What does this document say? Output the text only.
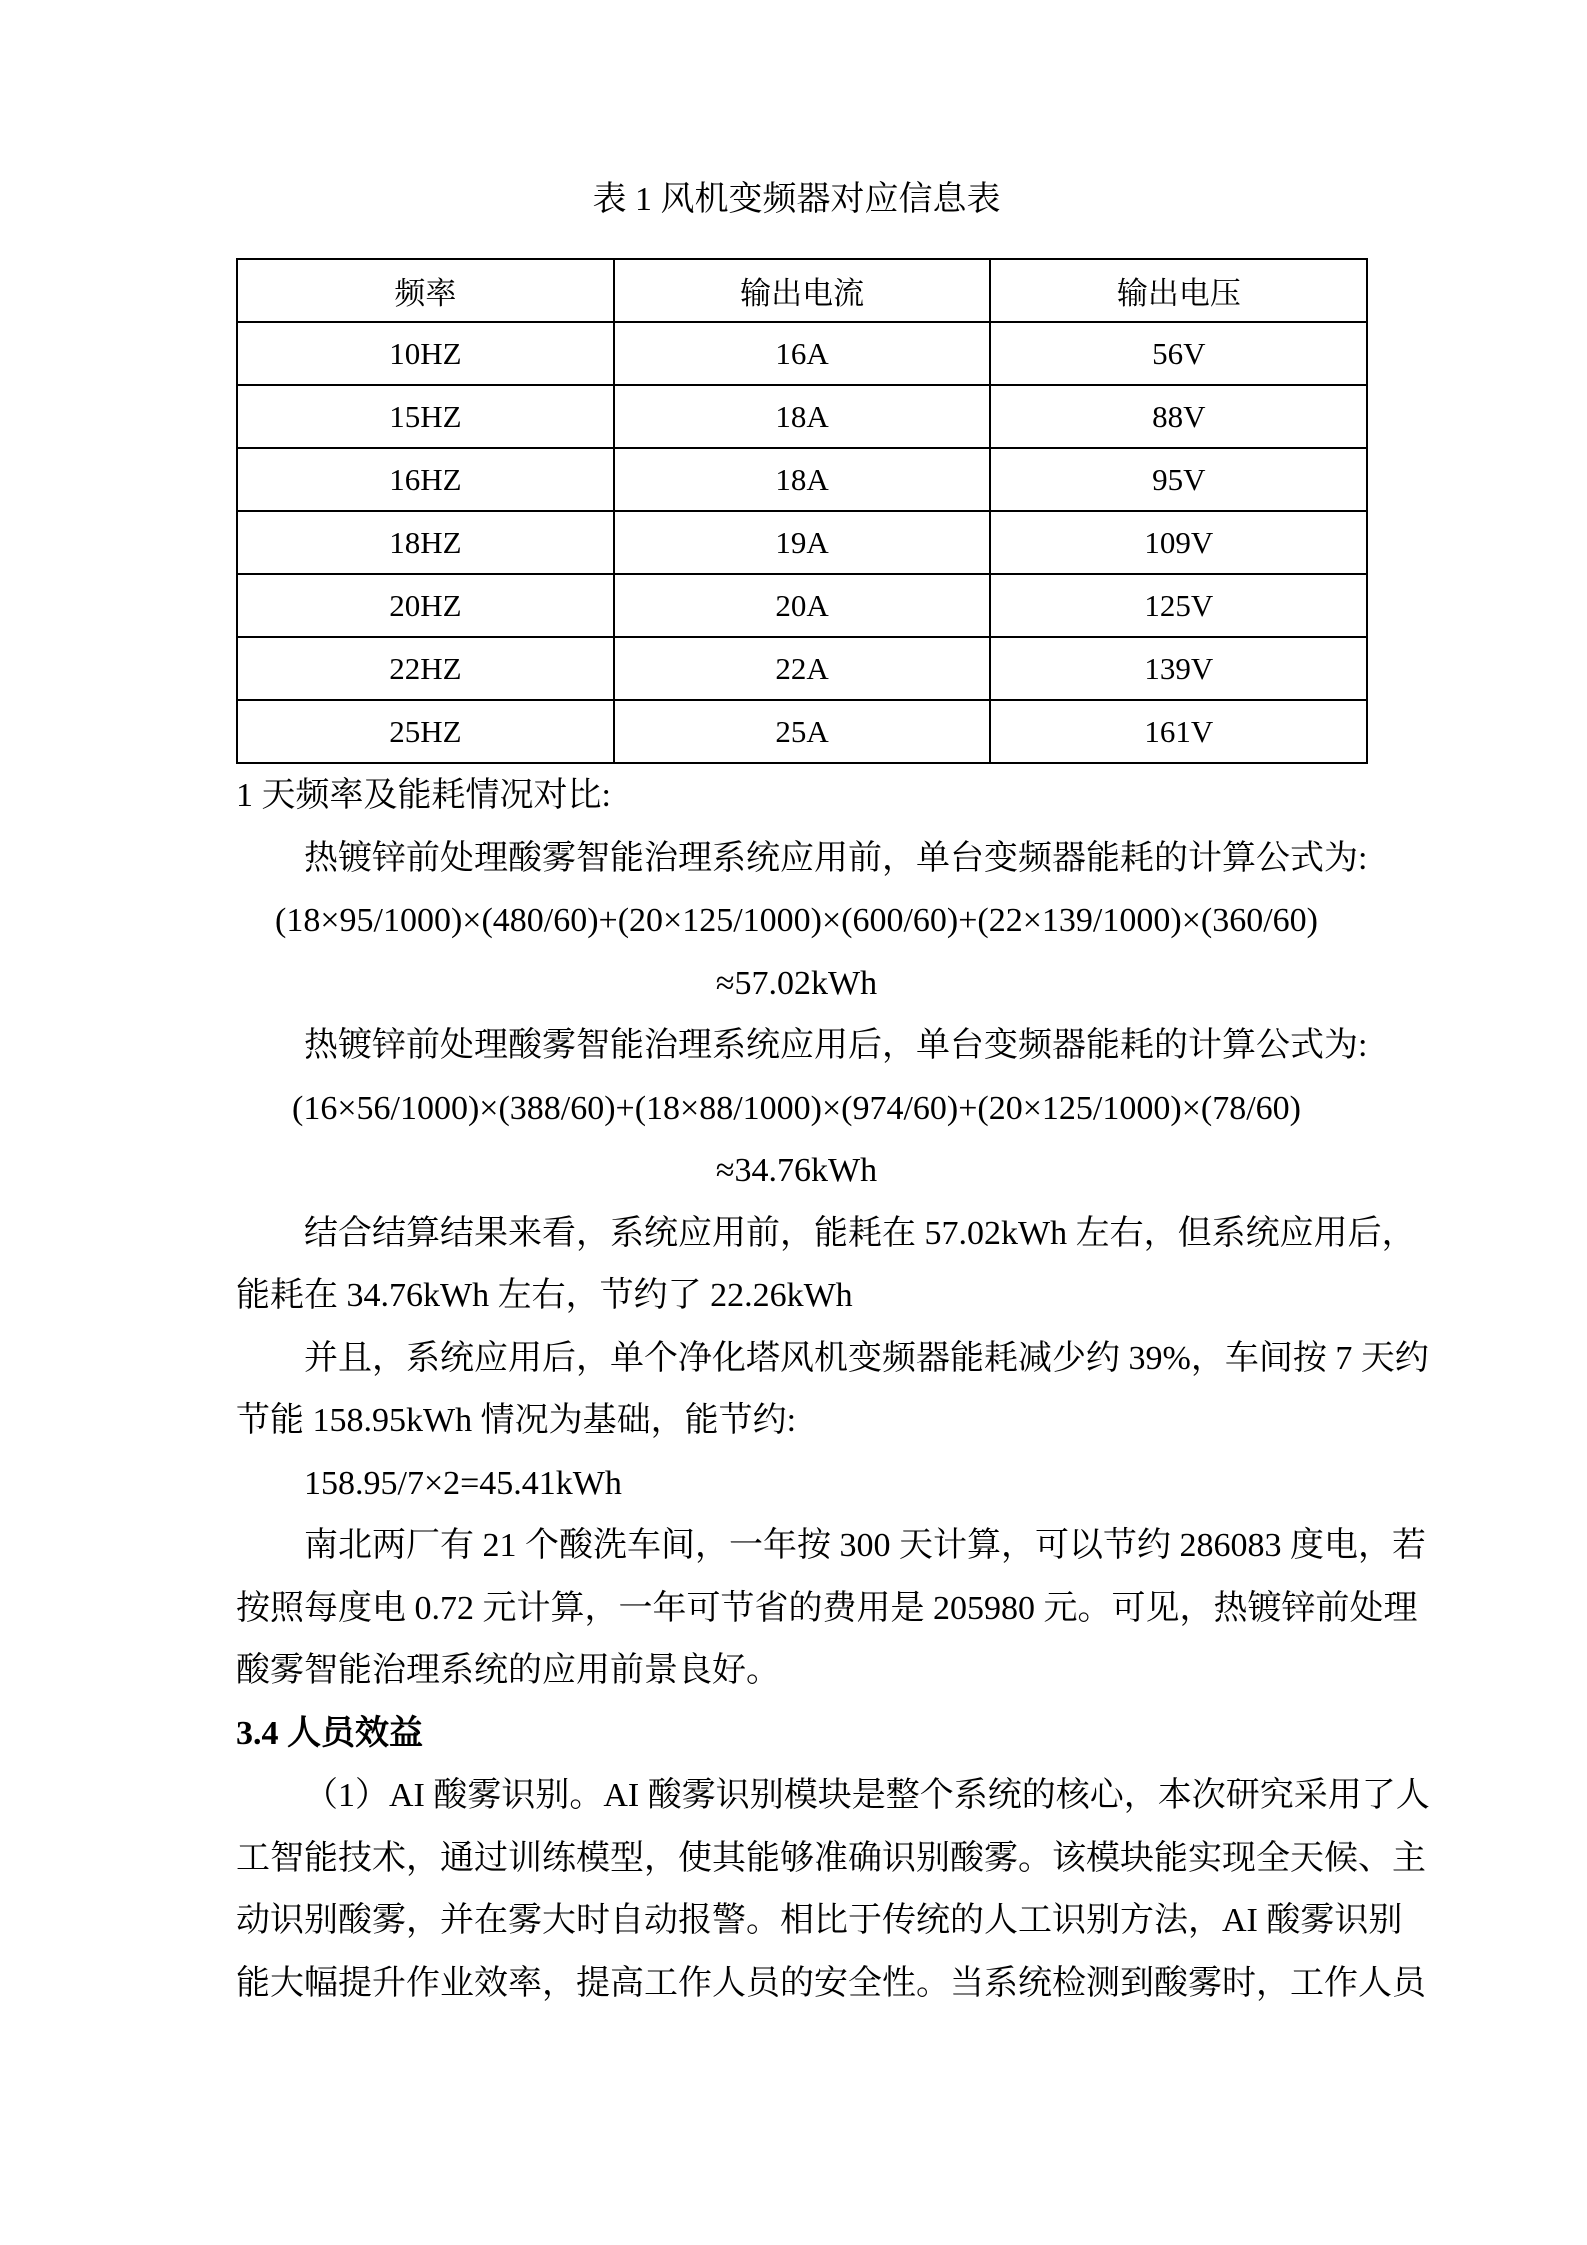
表 1 风机变频器对应信息表
频率	输出电流	输出电压
10HZ	16A	56V
15HZ	18A	88V
16HZ	18A	95V
18HZ	19A	109V
20HZ	20A	125V
22HZ	22A	139V
25HZ	25A	161V
1 天频率及能耗情况对比:
热镀锌前处理酸雾智能治理系统应用前，单台变频器能耗的计算公式为:
(18×95/1000)×(480/60)+(20×125/1000)×(600/60)+(22×139/1000)×(360/60)
≈57.02kWh
热镀锌前处理酸雾智能治理系统应用后，单台变频器能耗的计算公式为:
(16×56/1000)×(388/60)+(18×88/1000)×(974/60)+(20×125/1000)×(78/60)
≈34.76kWh
结合结算结果来看，系统应用前，能耗在 57.02kWh 左右，但系统应用后，
能耗在 34.76kWh 左右，节约了 22.26kWh
并且，系统应用后，单个净化塔风机变频器能耗减少约 39%，车间按 7 天约
节能 158.95kWh 情况为基础，能节约:
158.95/7×2=45.41kWh
南北两厂有 21 个酸洗车间，一年按 300 天计算，可以节约 286083 度电，若
按照每度电 0.72 元计算，一年可节省的费用是 205980 元。可见，热镀锌前处理
酸雾智能治理系统的应用前景良好。
3.4 人员效益
（1）AI 酸雾识别。AI 酸雾识别模块是整个系统的核心，本次研究采用了人
工智能技术，通过训练模型，使其能够准确识别酸雾。该模块能实现全天候、主
动识别酸雾，并在雾大时自动报警。相比于传统的人工识别方法，AI 酸雾识别
能大幅提升作业效率，提高工作人员的安全性。当系统检测到酸雾时，工作人员
